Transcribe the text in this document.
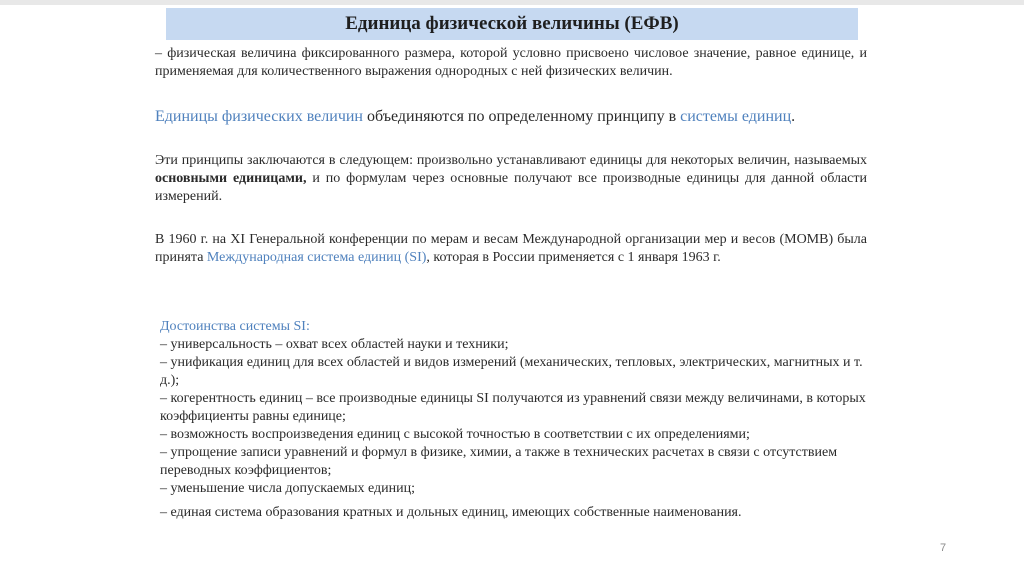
Единица физической величины (ЕФВ)
– физическая величина фиксированного размера, которой условно присвоено числовое значение, равное единице, и применяемая для количественного выражения однородных с ней физических величин.
Единицы физических величин объединяются по определенному принципу в системы единиц.
Эти принципы заключаются в следующем: произвольно устанавливают единицы для некоторых величин, называемых основными единицами, и по формулам через основные получают все производные единицы для данной области измерений.
В 1960 г. на XI Генеральной конференции по мерам и весам Международной организации мер и весов (МОМВ) была принята Международная система единиц (SI), которая в России применяется с 1 января 1963 г.
Достоинства системы SI:
– универсальность – охват всех областей науки и техники;
– унификация единиц для всех областей и видов измерений (механических, тепловых, электрических, магнитных и т. д.);
– когерентность единиц – все производные единицы SI получаются из уравнений связи между величинами, в которых коэффициенты равны единице;
– возможность воспроизведения единиц с высокой точностью в соответствии с их определениями;
– упрощение записи уравнений и формул в физике, химии, а также в технических расчетах в связи с отсутствием переводных коэффициентов;
– уменьшение числа допускаемых единиц;
– единая система образования кратных и дольных единиц, имеющих собственные наименования.
7
